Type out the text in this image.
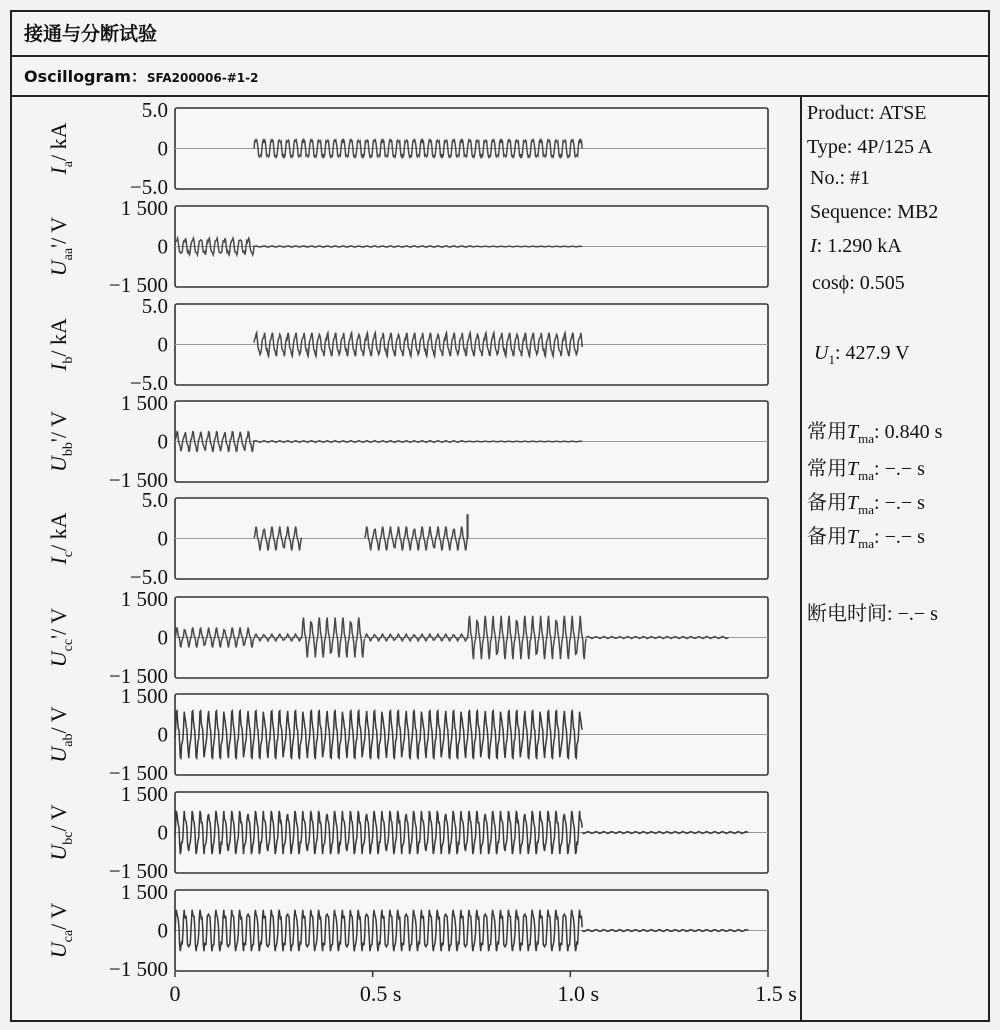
接通与分断试验
Oscillogram：SFA200006-#1-2
Product: ATSE
Type: 4P/125 A
No.: #1
Sequence: MB2
I: 1.290 kA
cosϕ: 0.505
$U_1$: 427.9 V
常用$T_{ma}$: 0.840 s
常用$T_{ma}$: −.− s
备用$T_{ma}$: −.− s
备用$T_{ma}$: −.− s
断电时间: −.− s
5.0
0
−5.0
$I_a/$ kA
1 500
0
−1 500
$U_{aa}'/$ V
5.0
0
−5.0
$I_b/$ kA
1 500
0
−1 500
$U_{bb}'/$ V
5.0
0
−5.0
$I_c/$ kA
1 500
0
−1 500
$U_{cc}'/$ V
1 500
0
−1 500
$U_{ab}/$ V
1 500
0
−1 500
$U_{bc}/$ V
1 500
0
−1 500
$U_{ca}/$ V
0	0.5 s	1.0 s	1.5 s
